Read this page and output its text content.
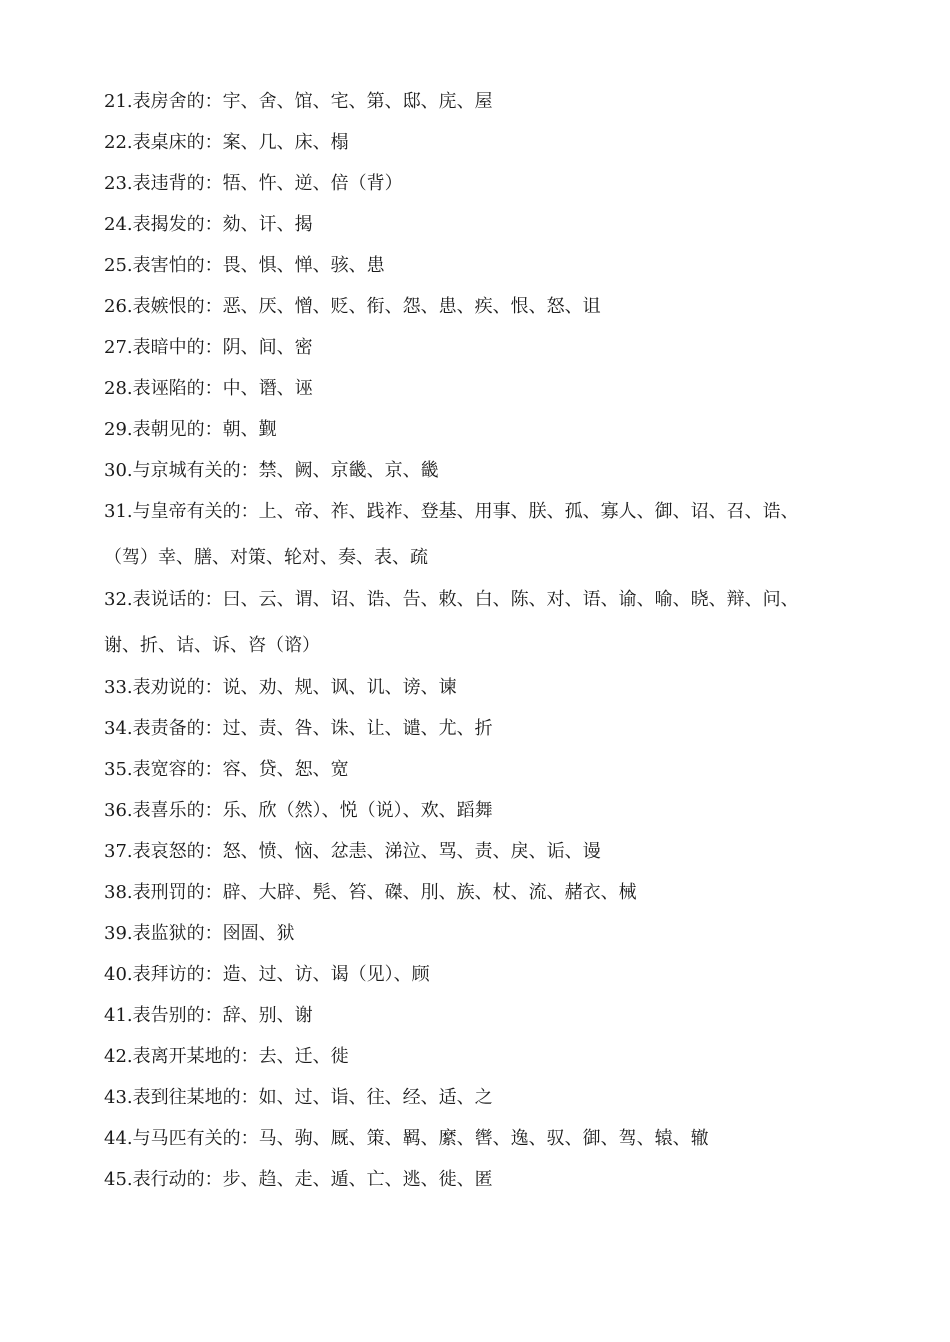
21.表房舍的：宇、舍、馆、宅、第、邸、庑、屋
22.表桌床的：案、几、床、榻
23.表违背的：牾、忤、逆、倍（背）
24.表揭发的：劾、讦、揭
25.表害怕的：畏、惧、惮、骇、患
26.表嫉恨的：恶、厌、憎、贬、衔、怨、患、疾、恨、怒、诅
27.表暗中的：阴、间、密
28.表诬陷的：中、谮、诬
29.表朝见的：朝、觐
30.与京城有关的：禁、阙、京畿、京、畿
31.与皇帝有关的：上、帝、祚、践祚、登基、用事、朕、孤、寡人、御、诏、召、诰、
（驾）幸、膳、对策、轮对、奏、表、疏
32.表说话的：曰、云、谓、诏、诰、告、敕、白、陈、对、语、谕、喻、晓、辩、问、
谢、折、诘、诉、咨（谘）
33.表劝说的：说、劝、规、讽、讥、谤、谏
34.表责备的：过、责、咎、诛、让、谴、尤、折
35.表宽容的：容、贷、恕、宽
36.表喜乐的：乐、欣（然）、悦（说）、欢、蹈舞
37.表哀怒的：怒、愤、恼、忿恚、涕泣、骂、责、戾、诟、谩
38.表刑罚的：辟、大辟、髡、笞、磔、刖、族、杖、流、赭衣、械
39.表监狱的：囹圄、狱
40.表拜访的：造、过、访、谒（见）、顾
41.表告别的：辞、别、谢
42.表离开某地的：去、迁、徙
43.表到往某地的：如、过、诣、往、经、适、之
44.与马匹有关的：马、驹、厩、策、羁、縻、辔、逸、驭、御、驾、辕、辙
45.表行动的：步、趋、走、遁、亡、逃、徙、匿
